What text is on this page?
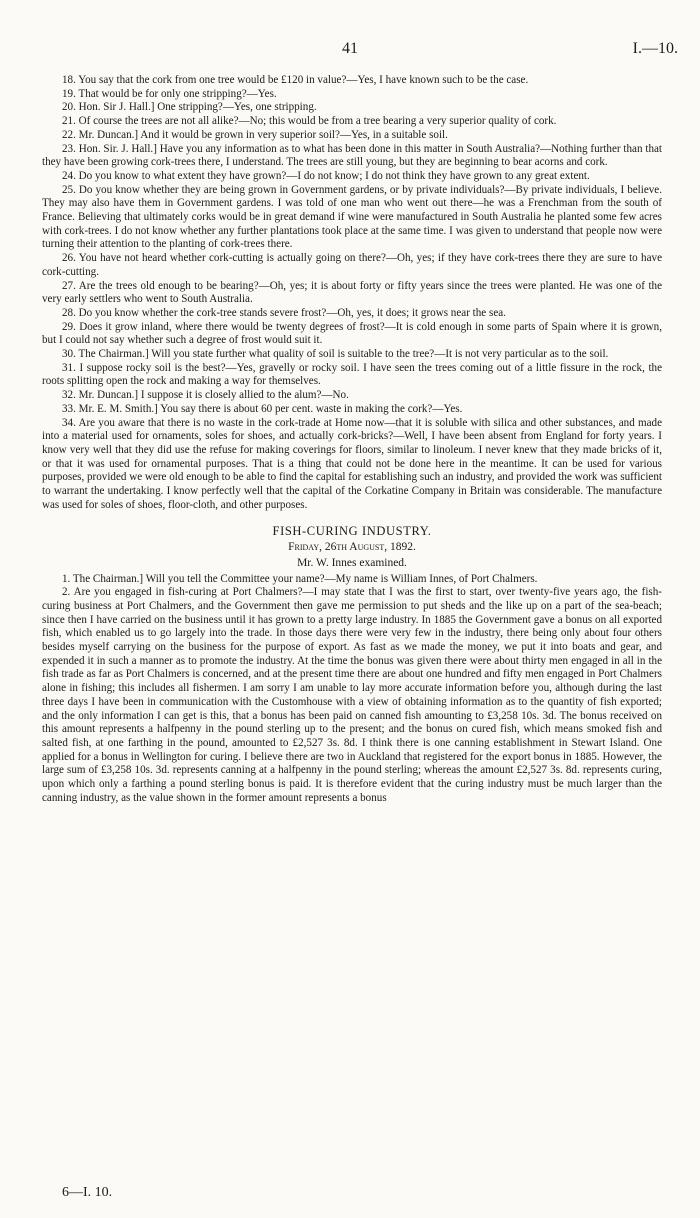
41	I.—10.

18. You say that the cork from one tree would be £120 in value?—Yes, I have known such to be the case.

19. That would be for only one stripping?—Yes.

20. Hon. Sir J. Hall.] One stripping?—Yes, one stripping.

21. Of course the trees are not all alike?—No; this would be from a tree bearing a very superior quality of cork.

22. Mr. Duncan.] And it would be grown in very superior soil?—Yes, in a suitable soil.

23. Hon. Sir. J. Hall.] Have you any information as to what has been done in this matter in South Australia?—Nothing further than that they have been growing cork-trees there, I understand. The trees are still young, but they are beginning to bear acorns and cork.

24. Do you know to what extent they have grown?—I do not know; I do not think they have grown to any great extent.

25. Do you know whether they are being grown in Government gardens, or by private individuals?—By private individuals, I believe. They may also have them in Government gardens. I was told of one man who went out there—he was a Frenchman from the south of France. Believing that ultimately corks would be in great demand if wine were manufactured in South Australia he planted some few acres with cork-trees. I do not know whether any further plantations took place at the same time. I was given to understand that people now were turning their attention to the planting of cork-trees there.

26. You have not heard whether cork-cutting is actually going on there?—Oh, yes; if they have cork-trees there they are sure to have cork-cutting.

27. Are the trees old enough to be bearing?—Oh, yes; it is about forty or fifty years since the trees were planted. He was one of the very early settlers who went to South Australia.

28. Do you know whether the cork-tree stands severe frost?—Oh, yes, it does; it grows near the sea.

29. Does it grow inland, where there would be twenty degrees of frost?—It is cold enough in some parts of Spain where it is grown, but I could not say whether such a degree of frost would suit it.

30. The Chairman.] Will you state further what quality of soil is suitable to the tree?—It is not very particular as to the soil.

31. I suppose rocky soil is the best?—Yes, gravelly or rocky soil. I have seen the trees coming out of a little fissure in the rock, the roots splitting open the rock and making a way for themselves.

32. Mr. Duncan.] I suppose it is closely allied to the alum?—No.

33. Mr. E. M. Smith.] You say there is about 60 per cent. waste in making the cork?—Yes.

34. Are you aware that there is no waste in the cork-trade at Home now—that it is soluble with silica and other substances, and made into a material used for ornaments, soles for shoes, and actually cork-bricks?—Well, I have been absent from England for forty years. I know very well that they did use the refuse for making coverings for floors, similar to linoleum. I never knew that they made bricks of it, or that it was used for ornamental purposes. That is a thing that could not be done here in the meantime. It can be used for various purposes, provided we were old enough to be able to find the capital for establishing such an industry, and provided the work was sufficient to warrant the undertaking. I know perfectly well that the capital of the Corkatine Company in Britain was considerable. The manufacture was used for soles of shoes, floor-cloth, and other purposes.

FISH-CURING INDUSTRY.
Friday, 26th August, 1892.
Mr. W. Innes examined.

1. The Chairman.] Will you tell the Committee your name?—My name is William Innes, of Port Chalmers.

2. Are you engaged in fish-curing at Port Chalmers?—I may state that I was the first to start, over twenty-five years ago, the fish-curing business at Port Chalmers, and the Government then gave me permission to put sheds and the like up on a part of the sea-beach; since then I have carried on the business until it has grown to a pretty large industry. In 1885 the Government gave a bonus on all exported fish, which enabled us to go largely into the trade. In those days there were very few in the industry, there being only about four others besides myself carrying on the business for the purpose of export. As fast as we made the money, we put it into boats and gear, and expended it in such a manner as to promote the industry. At the time the bonus was given there were about thirty men engaged in all in the fish trade as far as Port Chalmers is concerned, and at the present time there are about one hundred and fifty men engaged in Port Chalmers alone in fishing; this includes all fishermen. I am sorry I am unable to lay more accurate information before you, although during the last three days I have been in communication with the Customhouse with a view of obtaining information as to the quantity of fish exported; and the only information I can get is this, that a bonus has been paid on canned fish amounting to £3,258 10s. 3d. The bonus received on this amount represents a halfpenny in the pound sterling up to the present; and the bonus on cured fish, which means smoked fish and salted fish, at one farthing in the pound, amounted to £2,527 3s. 8d. I think there is one canning establishment in Stewart Island. One applied for a bonus in Wellington for curing. I believe there are two in Auckland that registered for the export bonus in 1885. However, the large sum of £3,258 10s. 3d. represents canning at a halfpenny in the pound sterling; whereas the amount £2,527 3s. 8d. represents curing, upon which only a farthing a pound sterling bonus is paid. It is therefore evident that the curing industry must be much larger than the canning industry, as the value shown in the former amount represents a bonus

6—I. 10.
